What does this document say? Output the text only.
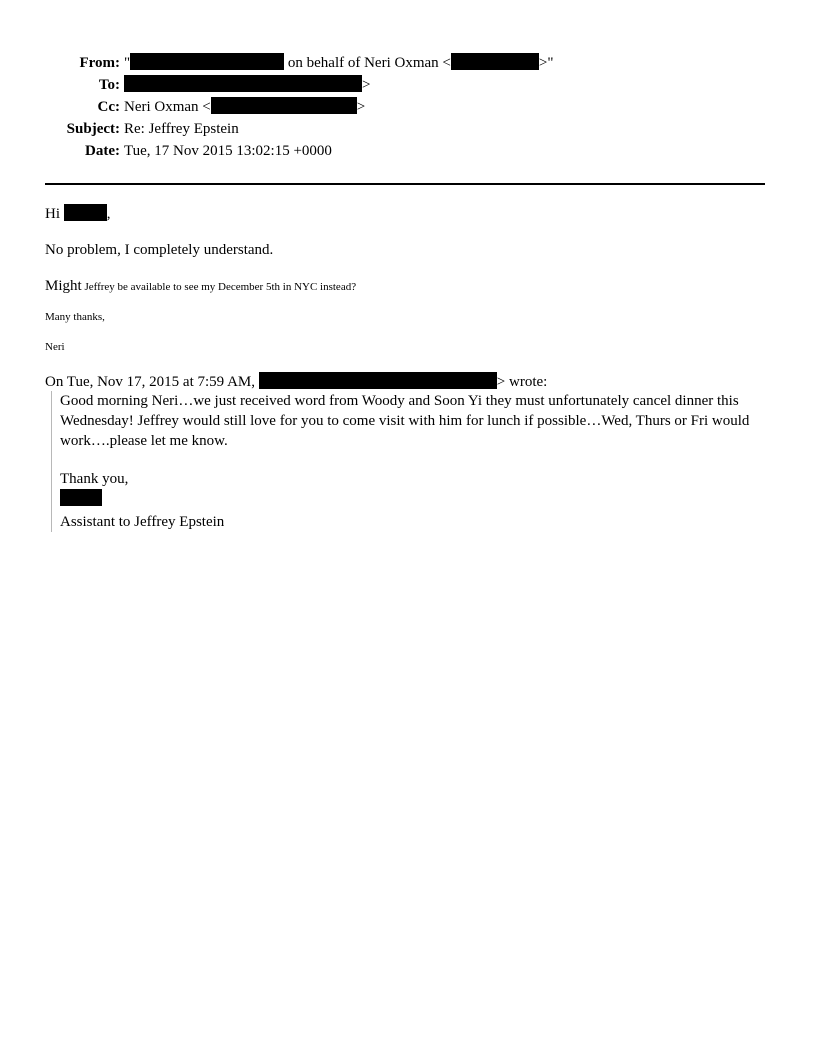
From: "	on behalf of Neri Oxman <	>"
To:	>
Cc: Neri Oxman <	>
Subject: Re: Jeffrey Epstein
Date: Tue, 17 Nov 2015 13:02:15 +0000
Hi	,
No problem, I completely understand.
Might Jeffrey be available to see my December 5th in NYC instead?
Many thanks,
Neri
On Tue, Nov 17, 2015 at 7:59 AM,	> wrote:

Good morning Neri…we just received word from Woody and Soon Yi they must unfortunately cancel dinner this Wednesday! Jeffrey would still love for you to come visit with him for lunch if possible…Wed, Thurs or Fri would work….please let me know.

Thank you,

Assistant to Jeffrey Epstein
